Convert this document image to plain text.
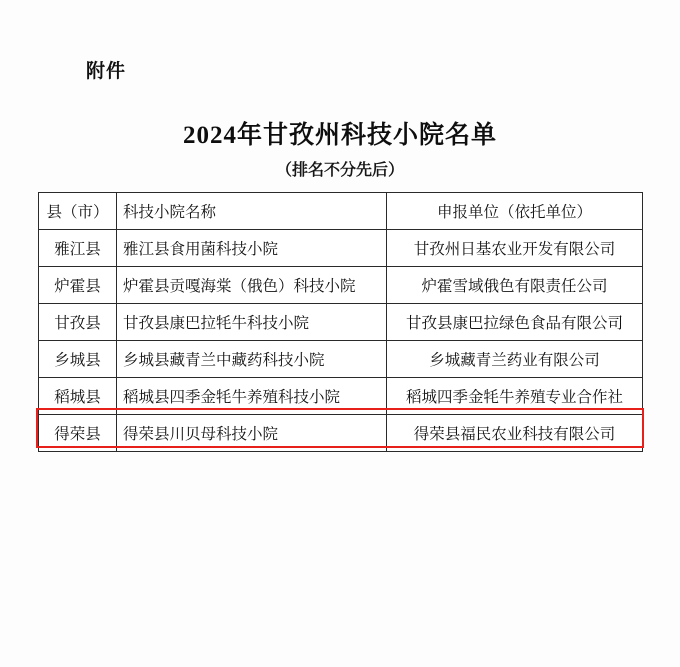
附件
2024年甘孜州科技小院名单
（排名不分先后）
县（市）	科技小院名称	申报单位（依托单位）
雅江县	雅江县食用菌科技小院	甘孜州日基农业开发有限公司
炉霍县	炉霍县贡嘎海棠（俄色）科技小院	炉霍雪域俄色有限责任公司
甘孜县	甘孜县康巴拉牦牛科技小院	甘孜县康巴拉绿色食品有限公司
乡城县	乡城县藏青兰中藏药科技小院	乡城藏青兰药业有限公司
稻城县	稻城县四季金牦牛养殖科技小院	稻城四季金牦牛养殖专业合作社
得荣县	得荣县川贝母科技小院	得荣县福民农业科技有限公司
